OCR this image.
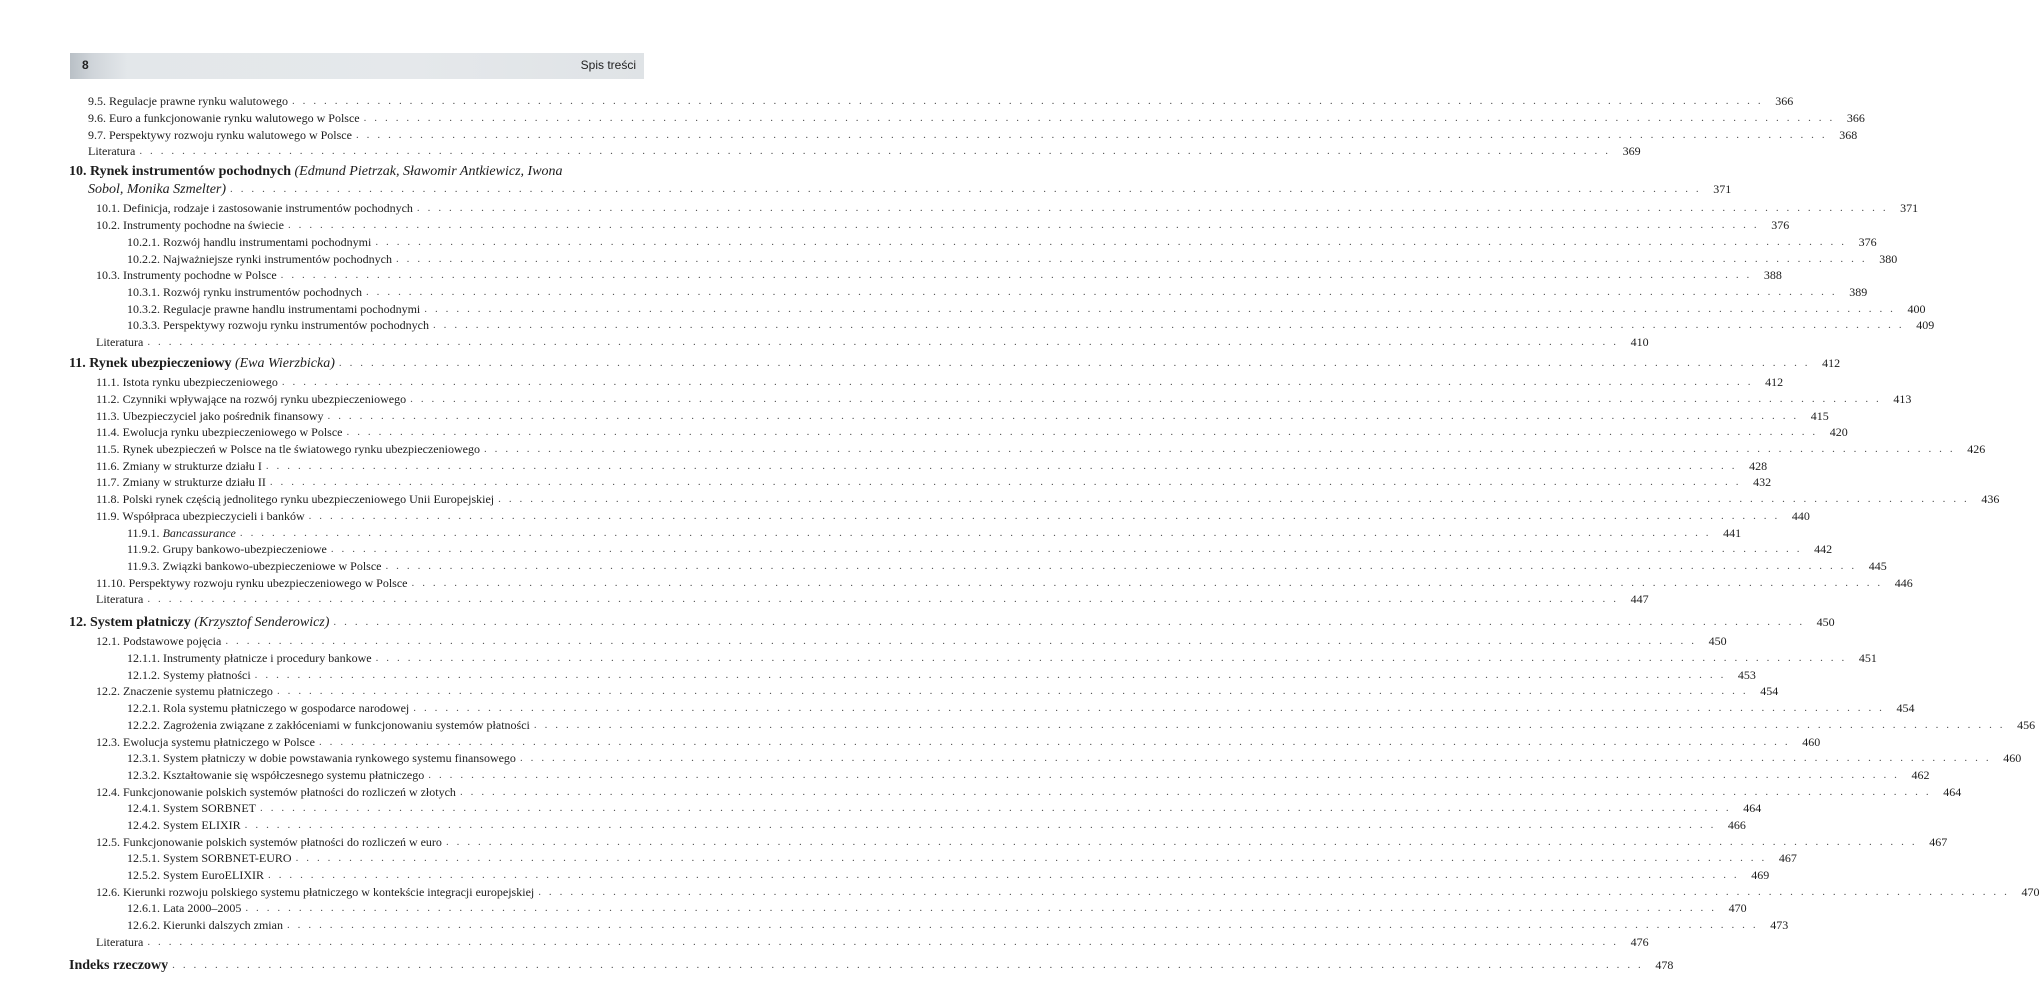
8	Spis treści
9.5. Regulacje prawne rynku walutowego . . .	366
9.6. Euro a funkcjonowanie rynku walutowego w Polsce . . .	366
9.7. Perspektywy rozwoju rynku walutowego w Polsce . . .	368
Literatura . . .	369
10. Rynek instrumentów pochodnych (Edmund Pietrzak, Sławomir Antkiewicz, Iwona
Sobol, Monika Szmelter) . . .	371
10.1. Definicja, rodzaje i zastosowanie instrumentów pochodnych . . .	371
10.2. Instrumenty pochodne na świecie . . .	376
10.2.1. Rozwój handlu instrumentami pochodnymi . . .	376
10.2.2. Najważniejsze rynki instrumentów pochodnych . . .	380
10.3. Instrumenty pochodne w Polsce . . .	388
10.3.1. Rozwój rynku instrumentów pochodnych . . .	389
10.3.2. Regulacje prawne handlu instrumentami pochodnymi . . .	400
10.3.3. Perspektywy rozwoju rynku instrumentów pochodnych . . .	409
Literatura . . .	410
11. Rynek ubezpieczeniowy (Ewa Wierzbicka) . . .	412
11.1. Istota rynku ubezpieczeniowego . . .	412
11.2. Czynniki wpływające na rozwój rynku ubezpieczeniowego . . .	413
11.3. Ubezpieczyciel jako pośrednik finansowy . . .	415
11.4. Ewolucja rynku ubezpieczeniowego w Polsce . . .	420
11.5. Rynek ubezpieczeń w Polsce na tle światowego rynku ubezpieczeniowego . . .	426
11.6. Zmiany w strukturze działu I . . .	428
11.7. Zmiany w strukturze działu II . . .	432
11.8. Polski rynek częścią jednolitego rynku ubezpieczeniowego Unii Europejskiej . . .	436
11.9. Współpraca ubezpieczycieli i banków . . .	440
11.9.1. Bancassurance . . .	441
11.9.2. Grupy bankowo-ubezpieczeniowe . . .	442
11.9.3. Związki bankowo-ubezpieczeniowe w Polsce . . .	445
11.10. Perspektywy rozwoju rynku ubezpieczeniowego w Polsce . . .	446
Literatura . . .	447
12. System płatniczy (Krzysztof Senderowicz) . . .	450
12.1. Podstawowe pojęcia . . .	450
12.1.1. Instrumenty płatnicze i procedury bankowe . . .	451
12.1.2. Systemy płatności . . .	453
12.2. Znaczenie systemu płatniczego . . .	454
12.2.1. Rola systemu płatniczego w gospodarce narodowej . . .	454
12.2.2. Zagrożenia związane z zakłóceniami w funkcjonowaniu systemów płatności . . .	456
12.3. Ewolucja systemu płatniczego w Polsce . . .	460
12.3.1. System płatniczy w dobie powstawania rynkowego systemu finansowego . . .	460
12.3.2. Kształtowanie się współczesnego systemu płatniczego . . .	462
12.4. Funkcjonowanie polskich systemów płatności do rozliczeń w złotych . . .	464
12.4.1. System SORBNET . . .	464
12.4.2. System ELIXIR . . .	466
12.5. Funkcjonowanie polskich systemów płatności do rozliczeń w euro . . .	467
12.5.1. System SORBNET-EURO . . .	467
12.5.2. System EuroELIXIR . . .	469
12.6. Kierunki rozwoju polskiego systemu płatniczego w kontekście integracji europejskiej . . .	470
12.6.1. Lata 2000–2005 . . .	470
12.6.2. Kierunki dalszych zmian . . .	473
Literatura . . .	476
Indeks rzeczowy . . .	478
